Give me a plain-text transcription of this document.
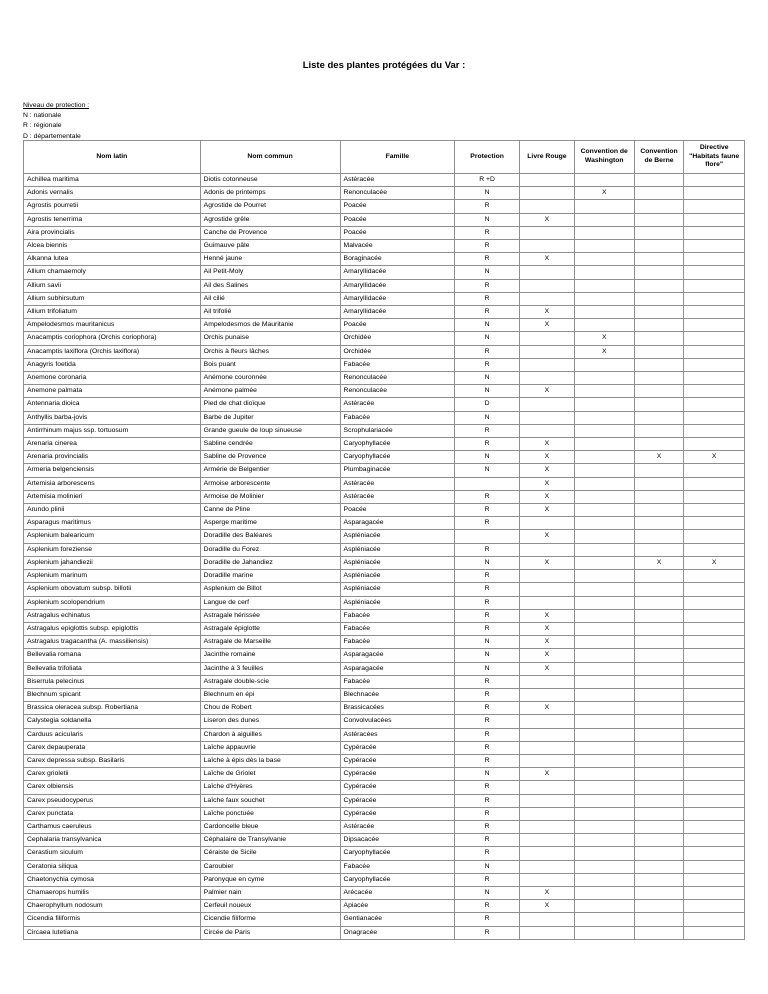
Liste des plantes protégées du Var :
Niveau de protection :
N : nationale
R : régionale
D : départementale
Nom latin	Nom commun	Famille	Protection	Livre Rouge	Convention de Washington	Convention de Berne	Directive "Habitats faune flore"
Achillea maritima	Diotis cotonneuse	Astéracée	R +D				
Adonis vernalis	Adonis de printemps	Renonculacée	N		X		
Agrostis pourretii	Agrostide de Pourret	Poacée	R				
Agrostis tenerrima	Agrostide grêle	Poacée	N	X			
Aira provincialis	Canche de Provence	Poacée	R				
Alcea biennis	Guimauve pâle	Malvacée	R				
Alkanna lutea	Henné jaune	Boraginacée	R	X			
Allium chamaemoly	Ail Petit-Moly	Amaryllidacée	N				
Allium savii	Ail des Salines	Amaryllidacée	R				
Allium subhirsutum	Ail cilié	Amaryllidacée	R				
Allium trifoliatum	Ail trifolié	Amaryllidacée	R	X			
Ampelodesmos mauritanicus	Ampelodesmos de Mauritanie	Poacée	N	X			
Anacamptis coriophora (Orchis coriophora)	Orchis punaise	Orchidée	N		X		
Anacamptis laxiflora (Orchis laxiflora)	Orchis à fleurs lâches	Orchidée	R		X		
Anagyris foetida	Bois puant	Fabacée	R				
Anemone coronaria	Anémone couronnée	Renonculacée	N				
Anemone palmata	Anémone palmée	Renonculacée	N	X			
Antennaria dioica	Pied de chat dioïque	Astéracée	D				
Anthyllis barba-jovis	Barbe de Jupiter	Fabacée	N				
Antirrhinum majus ssp. tortuosum	Grande gueule de loup sinueuse	Scrophulariacée	R				
Arenaria cinerea	Sabline cendrée	Caryophyllacée	R	X			
Arenaria provincialis	Sabline de Provence	Caryophyllacée	N	X		X	X
Armeria belgenciensis	Armérie de Belgentier	Plumbaginacée	N	X			
Artemisia arborescens	Armoise arborescente	Astéracée		X			
Artemisia molinieri	Armoise de Molinier	Astéracée	R	X			
Arundo plinii	Canne de Pline	Poacée	R	X			
Asparagus maritimus	Asperge maritime	Asparagacée	R				
Asplenium balearicum	Doradille des Baléares	Aspléniacée		X			
Asplenium foreziense	Doradille du Forez	Aspléniacée	R				
Asplenium jahandiezii	Doradille de Jahandiez	Aspléniacée	N	X		X	X
Asplenium marinum	Doradille marine	Aspléniacée	R				
Asplenium obovatum subsp. billotii	Asplenium de Billot	Aspléniacée	R				
Asplenium scolopendrium	Langue de cerf	Aspléniacée	R				
Astragalus echinatus	Astragale hérissée	Fabacée	R	X			
Astragalus epiglottis subsp. epiglottis	Astragale épiglotte	Fabacée	R	X			
Astragalus tragacantha (A. massiliensis)	Astragale de Marseille	Fabacée	N	X			
Bellevalia romana	Jacinthe romaine	Asparagacée	N	X			
Bellevalia trifoliata	Jacinthe à 3 feuilles	Asparagacée	N	X			
Biserrula pelecinus	Astragale double-scie	Fabacée	R				
Blechnum spicant	Blechnum en épi	Blechnacée	R				
Brassica oleracea subsp. Robertiana	Chou de Robert	Brassicacées	R	X			
Calystegia soldanella	Liseron des dunes	Convolvulacées	R				
Carduus acicularis	Chardon à aiguilles	Astéracées	R				
Carex depauperata	Laîche appauvrie	Cypéracée	R				
Carex depressa subsp. Basilaris	Laîche à épis dès la base	Cypéracée	R				
Carex grioletii	Laîche de Griolet	Cypéracée	N	X			
Carex olbiensis	Laîche d'Hyères	Cypéracée	R				
Carex pseudocyperus	Laîche faux souchet	Cypéracée	R				
Carex punctata	Laîche ponctuée	Cypéracée	R				
Carthamus caeruleus	Cardoncelle bleue	Astéracée	R				
Cephalaria transylvanica	Céphalaire de Transylvanie	Dipsacacée	R				
Cerastium siculum	Céraiste de Sicile	Caryophyllacée	R				
Ceratonia siliqua	Caroubier	Fabacée	N				
Chaetonychia cymosa	Paronyque en cyme	Caryophyllacée	R				
Chamaerops humilis	Palmier nain	Arécacée	N	X			
Chaerophyllum nodosum	Cerfeuil noueux	Apiacée	R	X			
Cicendia filiformis	Cicendie filiforme	Gentianacée	R				
Circaea lutetiana	Circée de Paris	Onagracée	R				
